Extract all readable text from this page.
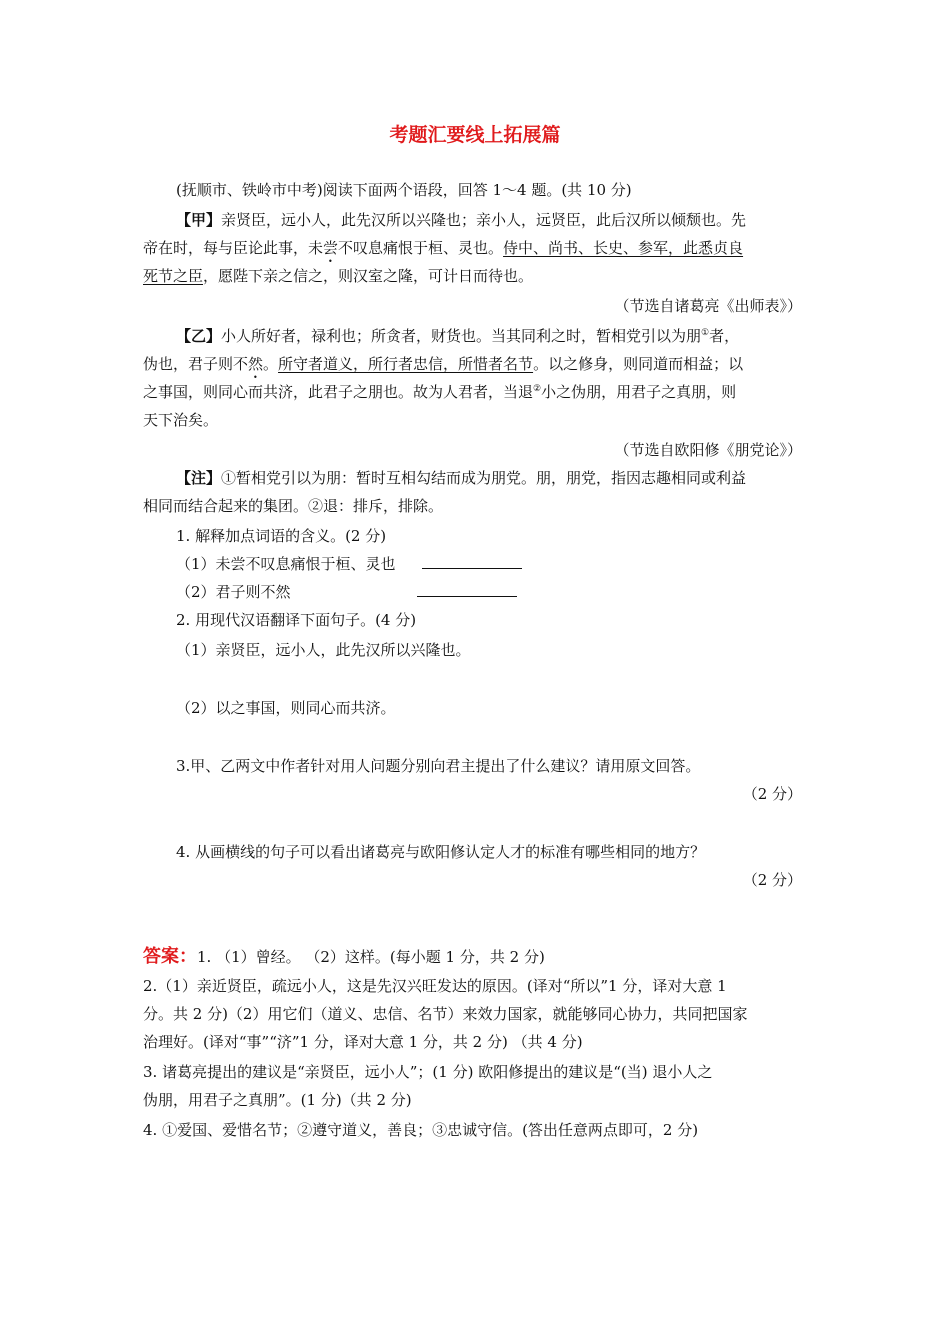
考题汇要线上拓展篇
(抚顺市、铁岭市中考)阅读下面两个语段，回答 1～4 题。(共 10 分)
【甲】亲贤臣，远小人，此先汉所以兴隆也；亲小人，远贤臣，此后汉所以倾颓也。先
帝在时，每与臣论此事，未尝不叹息痛恨于桓、灵也。侍中、尚书、长史、参军，此悉贞良
死节之臣，愿陛下亲之信之，则汉室之隆，可计日而待也。
（节选自诸葛亮《出师表》）
【乙】小人所好者，禄利也；所贪者，财货也。当其同利之时，暂相党引以为朋①者，
伪也，君子则不然。所守者道义，所行者忠信，所惜者名节。以之修身，则同道而相益；以
之事国，则同心而共济，此君子之朋也。故为人君者，当退②小之伪朋，用君子之真朋，则
天下治矣。
（节选自欧阳修《朋党论》）
【注】①暂相党引以为朋：暂时互相勾结而成为朋党。朋，朋党，指因志趣相同或利益
相同而结合起来的集团。②退：排斥，排除。
1. 解释加点词语的含义。(2 分)
（1）未尝不叹息痛恨于桓、灵也
（2）君子则不然
2. 用现代汉语翻译下面句子。(4 分)
（1）亲贤臣，远小人，此先汉所以兴隆也。
（2）以之事国，则同心而共济。
3.甲、乙两文中作者针对用人问题分别向君主提出了什么建议？请用原文回答。
（2 分）
4. 从画横线的句子可以看出诸葛亮与欧阳修认定人才的标准有哪些相同的地方？
（2 分）
答案：1. （1）曾经。 （2）这样。(每小题 1 分，共 2 分)
2.（1）亲近贤臣，疏远小人，这是先汉兴旺发达的原因。(译对“所以”1 分，译对大意 1
分。共 2 分)（2）用它们（道义、忠信、名节）来效力国家，就能够同心协力，共同把国家
治理好。(译对“事”“济”1 分，译对大意 1 分，共 2 分) （共 4 分)
3. 诸葛亮提出的建议是“亲贤臣，远小人”；(1 分) 欧阳修提出的建议是“(当) 退小人之
伪朋，用君子之真朋”。(1 分)（共 2 分)
4. ①爱国、爱惜名节；②遵守道义，善良；③忠诚守信。(答出任意两点即可，2 分)
